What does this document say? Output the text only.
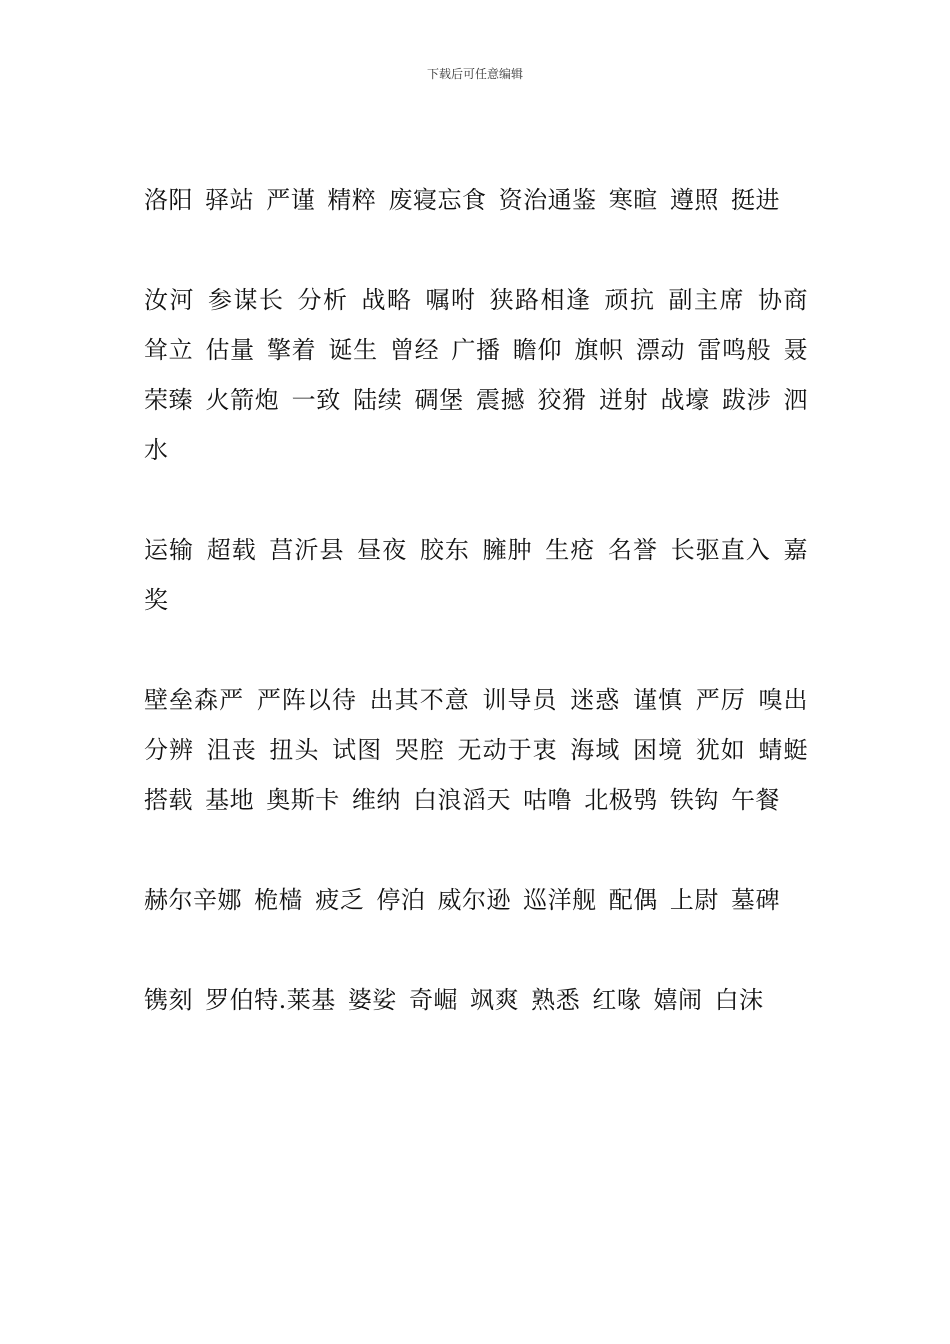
下载后可任意编辑

洛阳 驿站 严谨 精粹 废寝忘食 资治通鉴 寒暄 遵照 挺进

汝河 参谋长 分析 战略 嘱咐 狭路相逢 顽抗 副主席 协商 耸立 估量 擎着 诞生 曾经 广播 瞻仰 旗帜 漂动 雷鸣般 聂荣臻 火箭炮 一致 陆续 碉堡 震撼 狡猾 迸射 战壕 跋涉 泗水

运输 超载 莒沂县 昼夜 胶东 臃肿 生疮 名誉 长驱直入 嘉奖

壁垒森严 严阵以待 出其不意 训导员 迷惑 谨慎 严厉 嗅出 分辨 沮丧 扭头 试图 哭腔 无动于衷 海域 困境 犹如 蜻蜓 搭载 基地 奥斯卡 维纳 白浪滔天 咕噜 北极鸮 铁钩 午餐

赫尔辛娜 桅樯 疲乏 停泊 威尔逊 巡洋舰 配偶 上尉 墓碑

镌刻 罗伯特.莱基 婆娑 奇崛 飒爽 熟悉 红喙 嬉闹 白沫
